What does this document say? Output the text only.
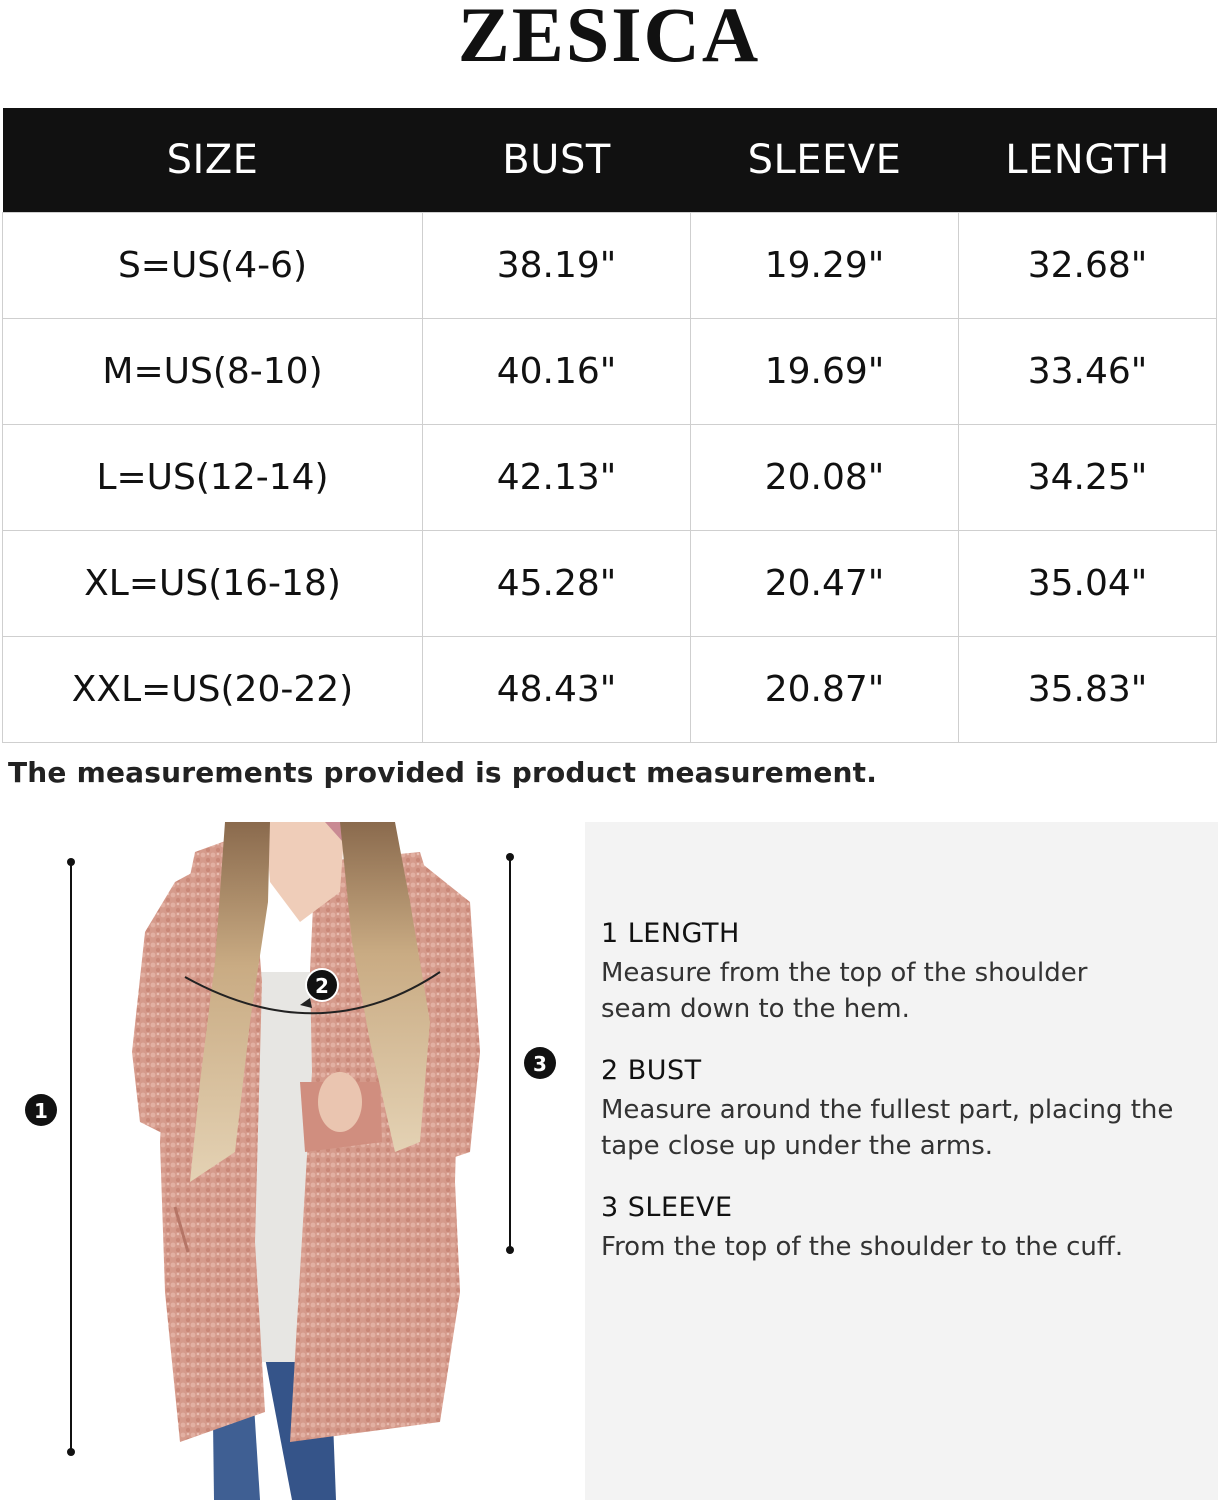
ZESICA
SIZE	BUST	SLEEVE	LENGTH
S=US(4-6)	38.19"	19.29"	32.68"
M=US(8-10)	40.16"	19.69"	33.46"
L=US(12-14)	42.13"	20.08"	34.25"
XL=US(16-18)	45.28"	20.47"	35.04"
XXL=US(20-22)	48.43"	20.87"	35.83"
The measurements provided is product measurement.
1
2
3
1 LENGTH
Measure from the top of the shoulder seam down to the hem.
2 BUST
Measure around the fullest part, placing the tape close up under the arms.
3 SLEEVE
From the top of the shoulder to the cuff.
